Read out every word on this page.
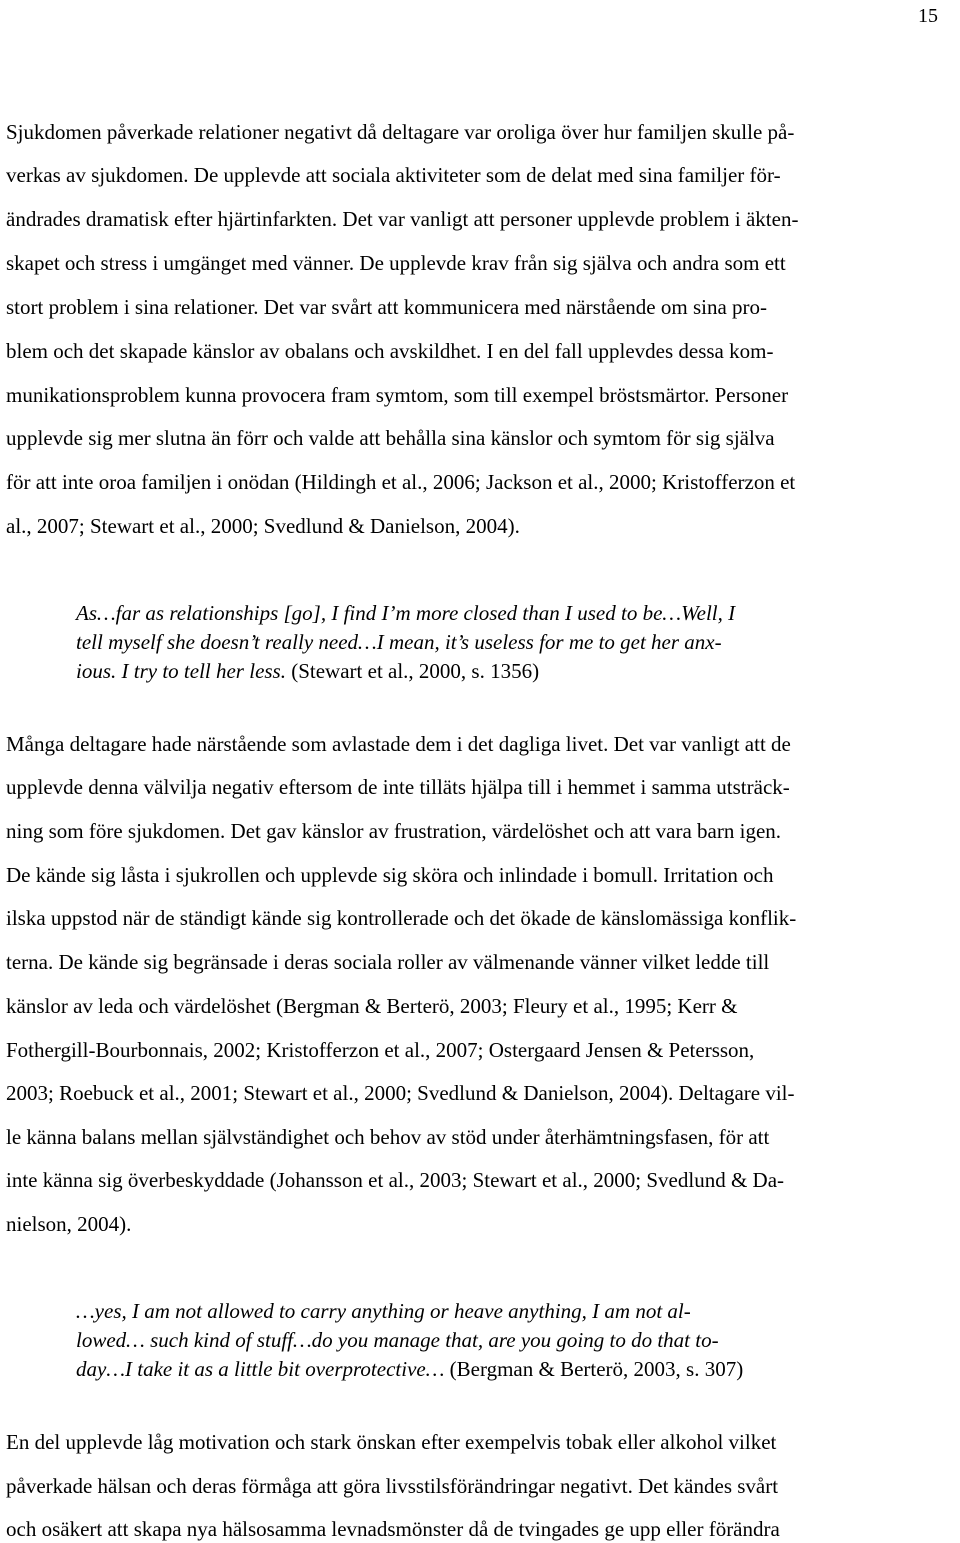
15
Sjukdomen påverkade relationer negativt då deltagare var oroliga över hur familjen skulle på-
verkas av sjukdomen. De upplevde att sociala aktiviteter som de delat med sina familjer för-
ändrades dramatisk efter hjärtinfarkten. Det var vanligt att personer upplevde problem i äkten-
skapet och stress i umgänget med vänner. De upplevde krav från sig själva och andra som ett
stort problem i sina relationer. Det var svårt att kommunicera med närstående om sina pro-
blem och det skapade känslor av obalans och avskildhet. I en del fall upplevdes dessa kom-
munikationsproblem kunna provocera fram symtom, som till exempel bröstsmärtor. Personer
upplevde sig mer slutna än förr och valde att behålla sina känslor och symtom för sig själva
för att inte oroa familjen i onödan (Hildingh et al., 2006; Jackson et al., 2000; Kristofferzon et
al., 2007; Stewart et al., 2000; Svedlund & Danielson, 2004).
As…far as relationships [go], I find I’m more closed than I used to be…Well, I
tell myself she doesn’t really need…I mean, it’s useless for me to get her anx-
ious. I try to tell her less. (Stewart et al., 2000, s. 1356)
Många deltagare hade närstående som avlastade dem i det dagliga livet. Det var vanligt att de
upplevde denna välvilja negativ eftersom de inte tilläts hjälpa till i hemmet i samma utsträck-
ning som före sjukdomen. Det gav känslor av frustration, värdelöshet och att vara barn igen.
De kände sig låsta i sjukrollen och upplevde sig sköra och inlindade i bomull. Irritation och
ilska uppstod när de ständigt kände sig kontrollerade och det ökade de känslomässiga konflik-
terna. De kände sig begränsade i deras sociala roller av välmenande vänner vilket ledde till
känslor av leda och värdelöshet (Bergman & Berterö, 2003; Fleury et al., 1995; Kerr &
Fothergill-Bourbonnais, 2002; Kristofferzon et al., 2007; Ostergaard Jensen & Petersson,
2003; Roebuck et al., 2001; Stewart et al., 2000; Svedlund & Danielson, 2004). Deltagare vil-
le känna balans mellan självständighet och behov av stöd under återhämtningsfasen, för att
inte känna sig överbeskyddade (Johansson et al., 2003; Stewart et al., 2000; Svedlund & Da-
nielson, 2004).
…yes, I am not allowed to carry anything or heave anything, I am not al-
lowed… such kind of stuff…do you manage that, are you going to do that to-
day…I take it as a little bit overprotective… (Bergman & Berterö, 2003, s. 307)
En del upplevde låg motivation och stark önskan efter exempelvis tobak eller alkohol vilket
påverkade hälsan och deras förmåga att göra livsstilsförändringar negativt. Det kändes svårt
och osäkert att skapa nya hälsosamma levnadsmönster då de tvingades ge upp eller förändra
